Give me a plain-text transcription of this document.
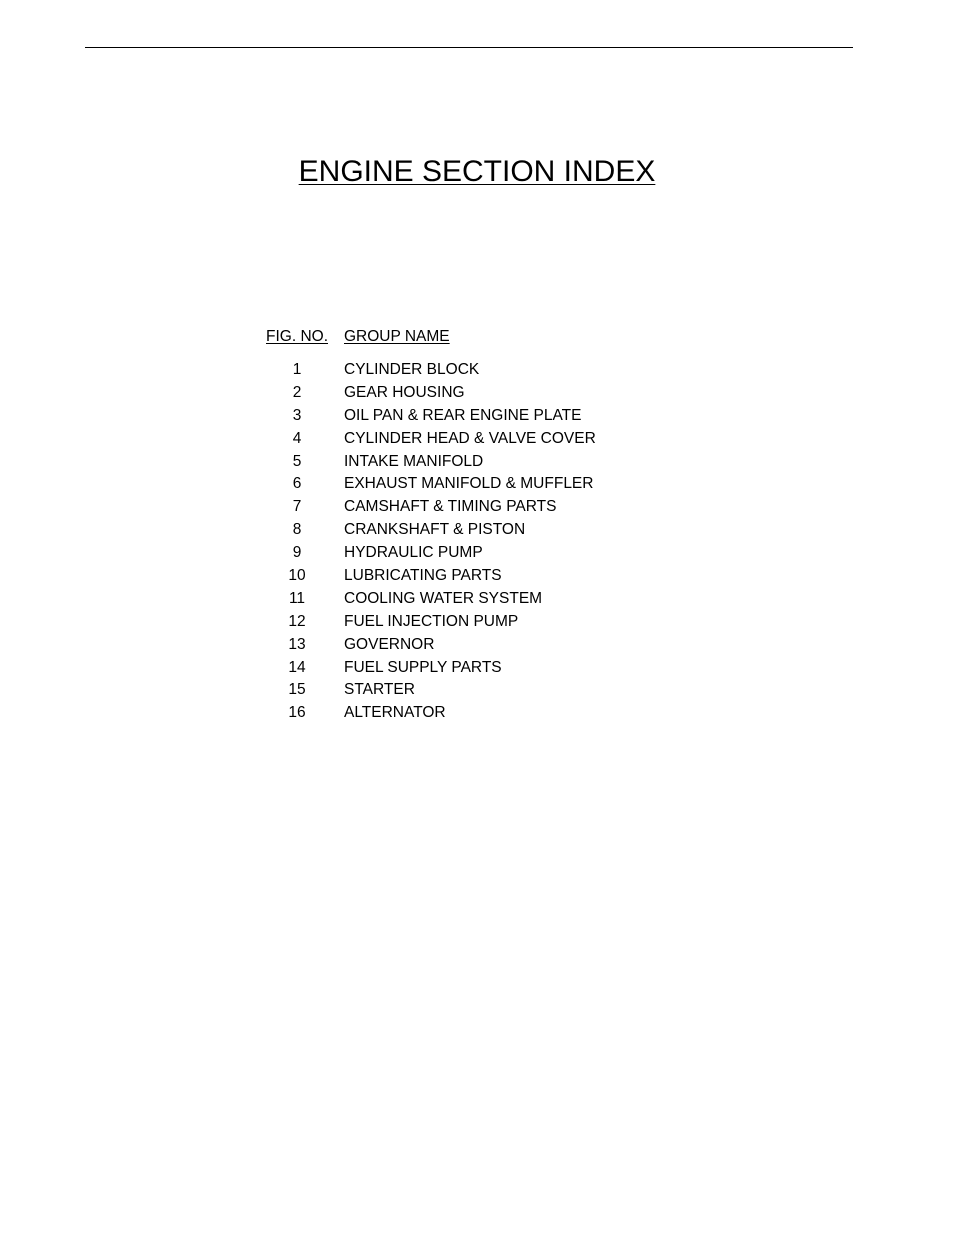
ENGINE SECTION INDEX
FIG. NO.	GROUP NAME
1	CYLINDER BLOCK
2	GEAR HOUSING
3	OIL PAN & REAR ENGINE PLATE
4	CYLINDER HEAD & VALVE COVER
5	INTAKE MANIFOLD
6	EXHAUST MANIFOLD & MUFFLER
7	CAMSHAFT & TIMING PARTS
8	CRANKSHAFT & PISTON
9	HYDRAULIC PUMP
10	LUBRICATING PARTS
11	COOLING WATER SYSTEM
12	FUEL INJECTION PUMP
13	GOVERNOR
14	FUEL SUPPLY PARTS
15	STARTER
16	ALTERNATOR
